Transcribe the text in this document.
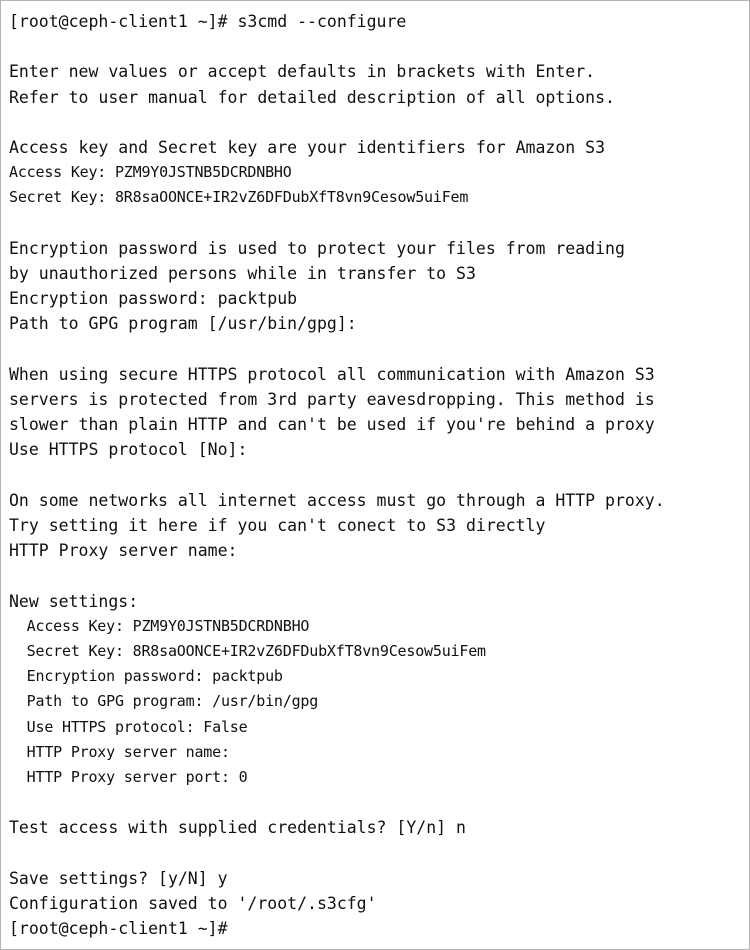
[root@ceph-client1 ~]# s3cmd --configure
Enter new values or accept defaults in brackets with Enter.
Refer to user manual for detailed description of all options.
Access key and Secret key are your identifiers for Amazon S3
Access Key: PZM9Y0JSTNB5DCRDNBHO
Secret Key: 8R8saOONCE+IR2vZ6DFDubXfT8vn9Cesow5uiFem
Encryption password is used to protect your files from reading
by unauthorized persons while in transfer to S3
Encryption password: packtpub
Path to GPG program [/usr/bin/gpg]:
When using secure HTTPS protocol all communication with Amazon S3
servers is protected from 3rd party eavesdropping. This method is
slower than plain HTTP and can't be used if you're behind a proxy
Use HTTPS protocol [No]:
On some networks all internet access must go through a HTTP proxy.
Try setting it here if you can't conect to S3 directly
HTTP Proxy server name:
New settings:
Access Key: PZM9Y0JSTNB5DCRDNBHO
Secret Key: 8R8saOONCE+IR2vZ6DFDubXfT8vn9Cesow5uiFem
Encryption password: packtpub
Path to GPG program: /usr/bin/gpg
Use HTTPS protocol: False
HTTP Proxy server name:
HTTP Proxy server port: 0
Test access with supplied credentials? [Y/n] n
Save settings? [y/N] y
Configuration saved to '/root/.s3cfg'
[root@ceph-client1 ~]#
